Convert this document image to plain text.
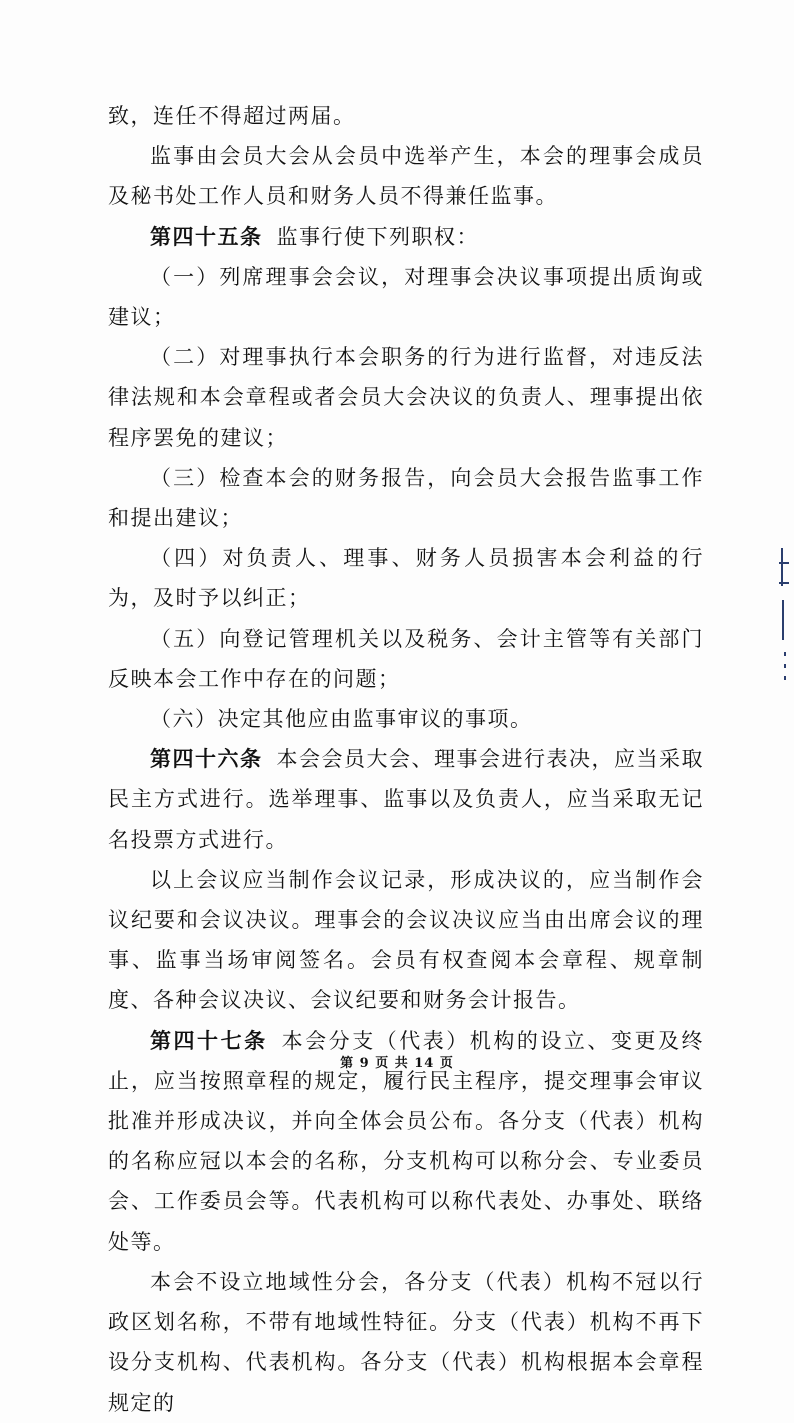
致，连任不得超过两届。

监事由会员大会从会员中选举产生，本会的理事会成员及秘书处工作人员和财务人员不得兼任监事。

第四十五条 监事行使下列职权：

（一）列席理事会会议，对理事会决议事项提出质询或建议；

（二）对理事执行本会职务的行为进行监督，对违反法律法规和本会章程或者会员大会决议的负责人、理事提出依程序罢免的建议；

（三）检查本会的财务报告，向会员大会报告监事工作和提出建议；

（四）对负责人、理事、财务人员损害本会利益的行为，及时予以纠正；

（五）向登记管理机关以及税务、会计主管等有关部门反映本会工作中存在的问题；

（六）决定其他应由监事审议的事项。

第四十六条 本会会员大会、理事会进行表决，应当采取民主方式进行。选举理事、监事以及负责人，应当采取无记名投票方式进行。

以上会议应当制作会议记录，形成决议的，应当制作会议纪要和会议决议。理事会的会议决议应当由出席会议的理事、监事当场审阅签名。会员有权查阅本会章程、规章制度、各种会议决议、会议纪要和财务会计报告。

第四十七条 本会分支（代表）机构的设立、变更及终止，应当按照章程的规定，履行民主程序，提交理事会审议批准并形成决议，并向全体会员公布。各分支（代表）机构的名称应冠以本会的名称，分支机构可以称分会、专业委员会、工作委员会等。代表机构可以称代表处、办事处、联络处等。

本会不设立地域性分会，各分支（代表）机构不冠以行政区划名称，不带有地域性特征。分支（代表）机构不再下设分支机构、代表机构。各分支（代表）机构根据本会章程规定的

第 9 页 共 14 页
